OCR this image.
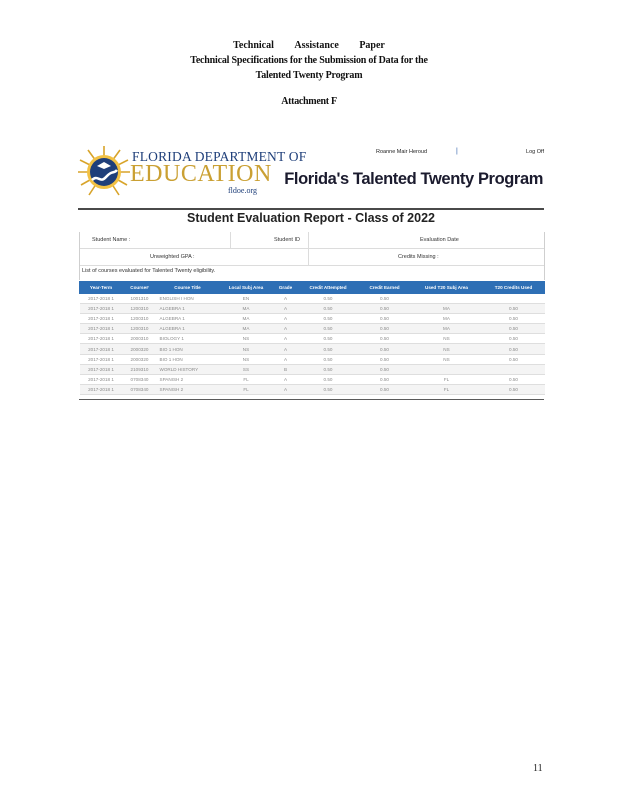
Technical Assistance Paper
Technical Specifications for the Submission of Data for the
Talented Twenty Program
Attachment F
FLORIDA DEPARTMENT OF
EDUCATION
fldoe.org
Roanne Mair Heroud	|	Log Off
Florida's Talented Twenty Program
Student Evaluation Report - Class of 2022
Student Name :	Student ID	Evaluation Date
Unweighted GPA :	Credits Missing :
List of courses evaluated for Talented Twenty eligibility.
Year-Term	Course#	Course Title	Local Subj Area	Grade	Credit Attempted	Credit Earned	Used T20 Subj Area	T20 Credits Used
2017-2018 1	1001310	ENGLISH I HON	EN	A	0.50	0.50		
2017-2018 1	1200310	ALGEBRA 1	MA	A	0.50	0.50	MA	0.50
2017-2018 1	1200310	ALGEBRA 1	MA	A	0.50	0.50	MA	0.50
2017-2018 1	1200310	ALGEBRA 1	MA	A	0.50	0.50	MA	0.50
2017-2018 1	2000310	BIOLOGY 1	NS	A	0.50	0.50	NS	0.50
2017-2018 1	2000320	BIO 1 HON	NS	A	0.50	0.50	NS	0.50
2017-2018 1	2000320	BIO 1 HON	NS	A	0.50	0.50	NS	0.50
2017-2018 1	2109310	WORLD HISTORY	SS	B	0.50	0.50		
2017-2018 1	0708340	SPANISH 2	FL	A	0.50	0.50	FL	0.50
2017-2018 1	0708340	SPANISH 2	FL	A	0.50	0.50	FL	0.50
11
